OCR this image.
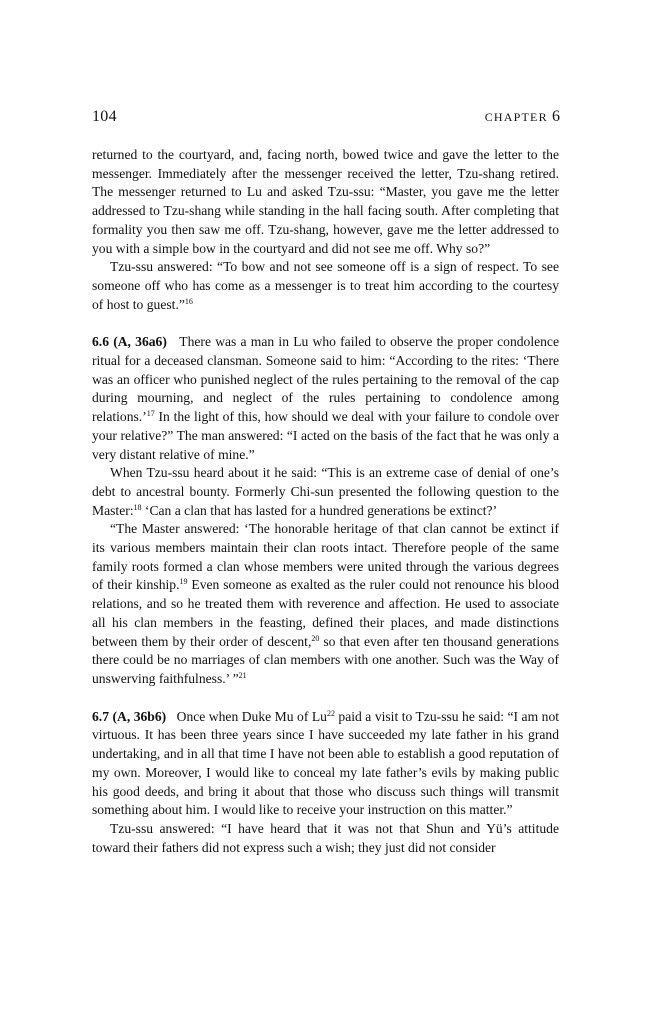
104	CHAPTER 6

returned to the courtyard, and, facing north, bowed twice and gave the letter to the messenger. Immediately after the messenger received the letter, Tzu-shang retired. The messenger returned to Lu and asked Tzu-ssu: “Master, you gave me the letter addressed to Tzu-shang while standing in the hall facing south. After completing that formality you then saw me off. Tzu-shang, however, gave me the letter addressed to you with a simple bow in the courtyard and did not see me off. Why so?”

Tzu-ssu answered: “To bow and not see someone off is a sign of respect. To see someone off who has come as a messenger is to treat him according to the courtesy of host to guest.”$^{16}$

6.6 (A, 36a6) There was a man in Lu who failed to observe the proper condolence ritual for a deceased clansman. Someone said to him: “According to the rites: ‘There was an officer who punished neglect of the rules pertaining to the removal of the cap during mourning, and neglect of the rules pertaining to condolence among relations.’$^{17}$ In the light of this, how should we deal with your failure to condole over your relative?” The man answered: “I acted on the basis of the fact that he was only a very distant relative of mine.”

When Tzu-ssu heard about it he said: “This is an extreme case of denial of one’s debt to ancestral bounty. Formerly Chi-sun presented the following question to the Master:$^{18}$ ‘Can a clan that has lasted for a hundred generations be extinct?’

“The Master answered: ‘The honorable heritage of that clan cannot be extinct if its various members maintain their clan roots intact. Therefore people of the same family roots formed a clan whose members were united through the various degrees of their kinship.$^{19}$ Even someone as exalted as the ruler could not renounce his blood relations, and so he treated them with reverence and affection. He used to associate all his clan members in the feasting, defined their places, and made distinctions between them by their order of descent,$^{20}$ so that even after ten thousand generations there could be no marriages of clan members with one another. Such was the Way of unswerving faithfulness.’ ”$^{21}$

6.7 (A, 36b6) Once when Duke Mu of Lu$^{22}$ paid a visit to Tzu-ssu he said: “I am not virtuous. It has been three years since I have succeeded my late father in his grand undertaking, and in all that time I have not been able to establish a good reputation of my own. Moreover, I would like to conceal my late father’s evils by making public his good deeds, and bring it about that those who discuss such things will transmit something about him. I would like to receive your instruction on this matter.”

Tzu-ssu answered: “I have heard that it was not that Shun and Yü’s attitude toward their fathers did not express such a wish; they just did not consider
